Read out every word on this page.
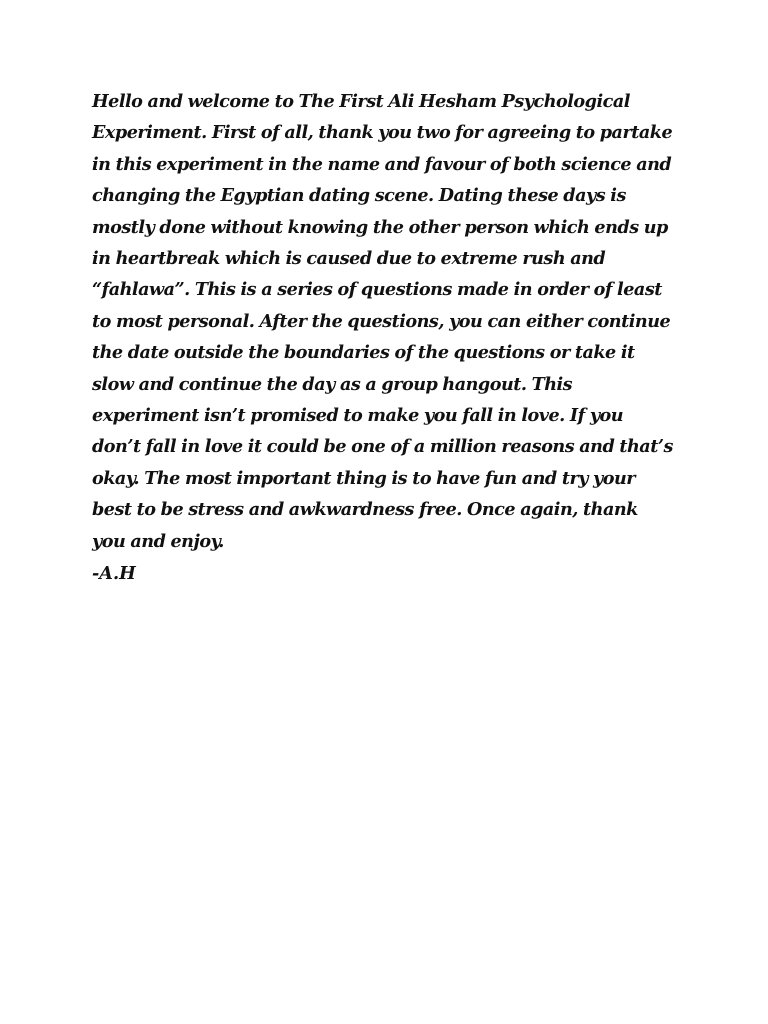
Hello and welcome to The First Ali Hesham Psychological Experiment. First of all, thank you two for agreeing to partake in this experiment in the name and favour of both science and changing the Egyptian dating scene. Dating these days is mostly done without knowing the other person which ends up in heartbreak which is caused due to extreme rush and “fahlawa”. This is a series of questions made in order of least to most personal. After the questions, you can either continue the date outside the boundaries of the questions or take it slow and continue the day as a group hangout. This experiment isn’t promised to make you fall in love. If you don’t fall in love it could be one of a million reasons and that’s okay. The most important thing is to have fun and try your best to be stress and awkwardness free. Once again, thank you and enjoy.

-A.H
